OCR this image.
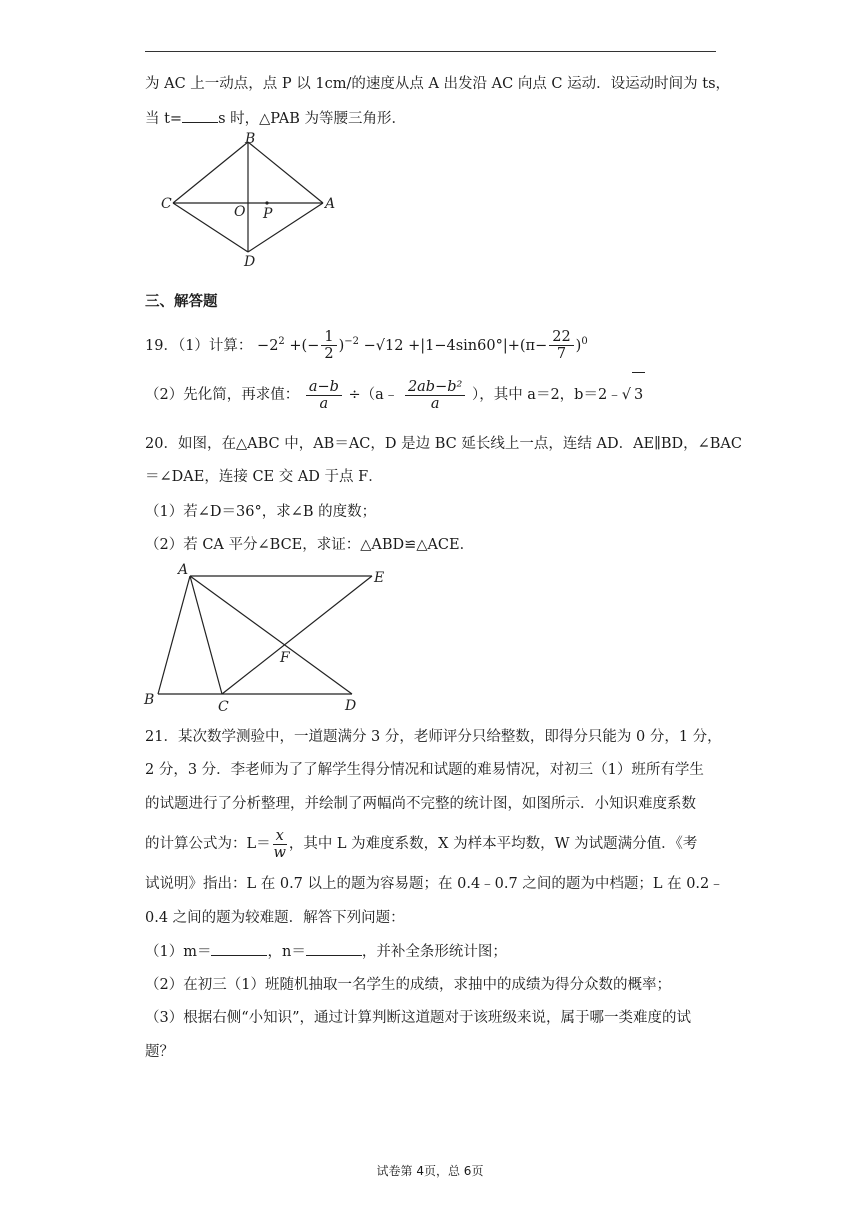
为 AC 上一动点，点 P 以 1cm/的速度从点 A 出发沿 AC 向点 C 运动．设运动时间为 ts，
当 t= s 时，△PAB 为等腰三角形．
B
C	O P
A
D
三、解答题
19．（1）计算： $-2^2$ +(− $\frac{1}{2} )^{-2} -√12 +|1-4\sin 60^\circ|+(\pi- \frac{22}{7} )^0$
（2）先化简，再求值： $\frac{a-b}{a}$ ÷（a﹣ $\frac{\text{2ab−b²}}{a}$ ），其中 a＝2，b＝2﹣√ 3
20．如图，在△ABC 中，AB＝AC，D 是边 BC 延长线上一点，连结 AD．AE∥BD，∠BAC
＝∠DAE，连接 CE 交 AD 于点 F．
（1）若∠D＝36°，求∠B 的度数；
（2）若 CA 平分∠BCE，求证：△ABD≌△ACE．
A	E
F
B	C	D
21．某次数学测验中，一道题满分 3 分，老师评分只给整数，即得分只能为 0 分，1 分，
2 分，3 分．李老师为了了解学生得分情况和试题的难易情况，对初三（1）班所有学生
的试题进行了分析整理，并绘制了两幅尚不完整的统计图，如图所示．小知识难度系数
的计算公式为：$L= \frac{x}{w}$ ，其中 L 为难度系数，X 为样本平均数，W 为试题满分值．《考
试说明》指出：L 在 0.7 以上的题为容易题；在 0.4﹣0.7 之间的题为中档题；L 在 0.2﹣
0.4 之间的题为较难题．解答下列问题：
（1）m＝	，n＝	，并补全条形统计图；
（2）在初三（1）班随机抽取一名学生的成绩，求抽中的成绩为得分众数的概率；
（3）根据右侧“小知识”，通过计算判断这道题对于该班级来说，属于哪一类难度的试
题？
试卷第 4页，总 6页
